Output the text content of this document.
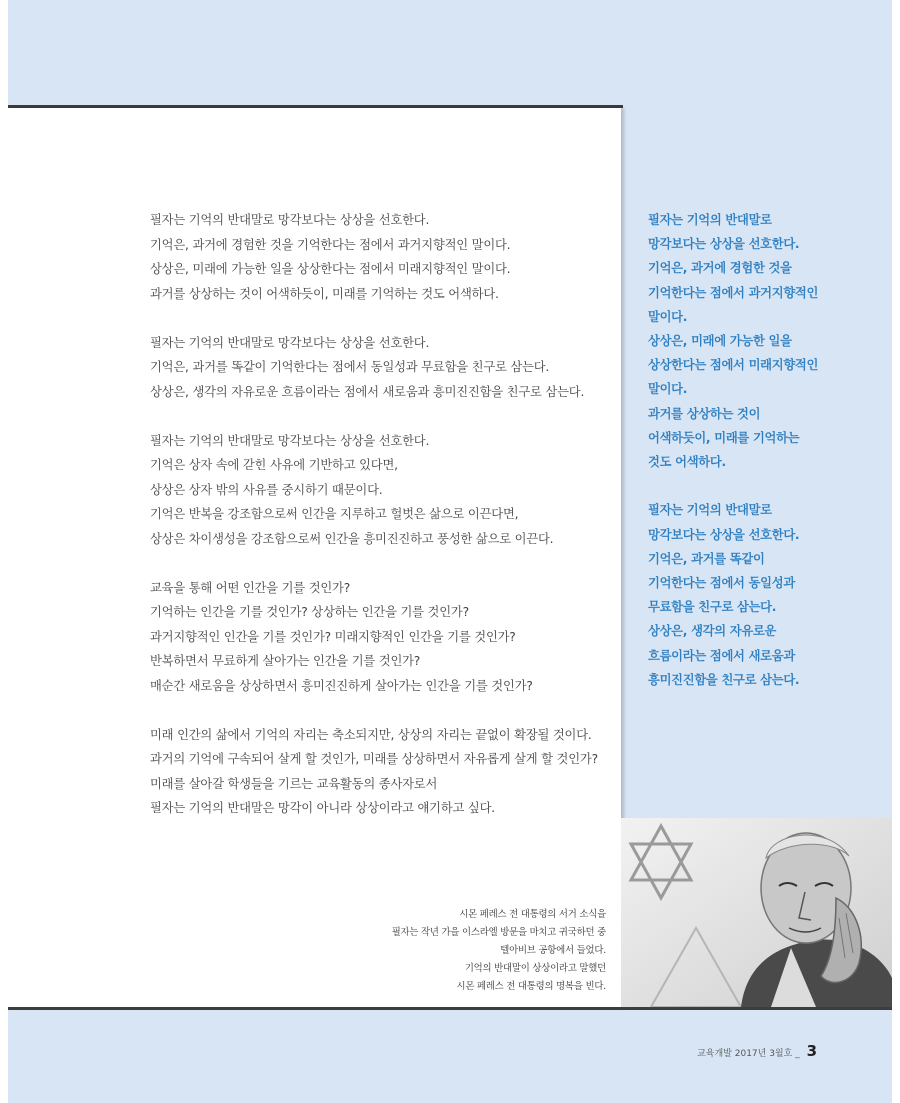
필자는 기억의 반대말로 망각보다는 상상을 선호한다.
기억은, 과거에 경험한 것을 기억한다는 점에서 과거지향적인 말이다.
상상은, 미래에 가능한 일을 상상한다는 점에서 미래지향적인 말이다.
과거를 상상하는 것이 어색하듯이, 미래를 기억하는 것도 어색하다.
필자는 기억의 반대말로 망각보다는 상상을 선호한다.
기억은, 과거를 똑같이 기억한다는 점에서 동일성과 무료함을 친구로 삼는다.
상상은, 생각의 자유로운 흐름이라는 점에서 새로움과 흥미진진함을 친구로 삼는다.
필자는 기억의 반대말로 망각보다는 상상을 선호한다.
기억은 상자 속에 갇힌 사유에 기반하고 있다면,
상상은 상자 밖의 사유를 중시하기 때문이다.
기억은 반복을 강조함으로써 인간을 지루하고 헐벗은 삶으로 이끈다면,
상상은 차이생성을 강조함으로써 인간을 흥미진진하고 풍성한 삶으로 이끈다.
교육을 통해 어떤 인간을 기를 것인가?
기억하는 인간을 기를 것인가? 상상하는 인간을 기를 것인가?
과거지향적인 인간을 기를 것인가? 미래지향적인 인간을 기를 것인가?
반복하면서 무료하게 살아가는 인간을 기를 것인가?
매순간 새로움을 상상하면서 흥미진진하게 살아가는 인간을 기를 것인가?
미래 인간의 삶에서 기억의 자리는 축소되지만, 상상의 자리는 끝없이 확장될 것이다.
과거의 기억에 구속되어 살게 할 것인가, 미래를 상상하면서 자유롭게 살게 할 것인가?
미래를 살아갈 학생들을 기르는 교육활동의 종사자로서
필자는 기억의 반대말은 망각이 아니라 상상이라고 얘기하고 싶다.
필자는 기억의 반대말로
망각보다는 상상을 선호한다.
기억은, 과거에 경험한 것을
기억한다는 점에서 과거지향적인
말이다.
상상은, 미래에 가능한 일을
상상한다는 점에서 미래지향적인
말이다.
과거를 상상하는 것이
어색하듯이, 미래를 기억하는
것도 어색하다.
필자는 기억의 반대말로
망각보다는 상상을 선호한다.
기억은, 과거를 똑같이
기억한다는 점에서 동일성과
무료함을 친구로 삼는다.
상상은, 생각의 자유로운
흐름이라는 점에서 새로움과
흥미진진함을 친구로 삼는다.
시몬 페레스 전 대통령의 서거 소식을
필자는 작년 가을 이스라엘 방문을 마치고 귀국하던 중
텔아비브 공항에서 들었다.
기억의 반대말이 상상이라고 말했던
시몬 페레스 전 대통령의 명복을 빈다.
교육개발 2017년 3월호 _ 3
